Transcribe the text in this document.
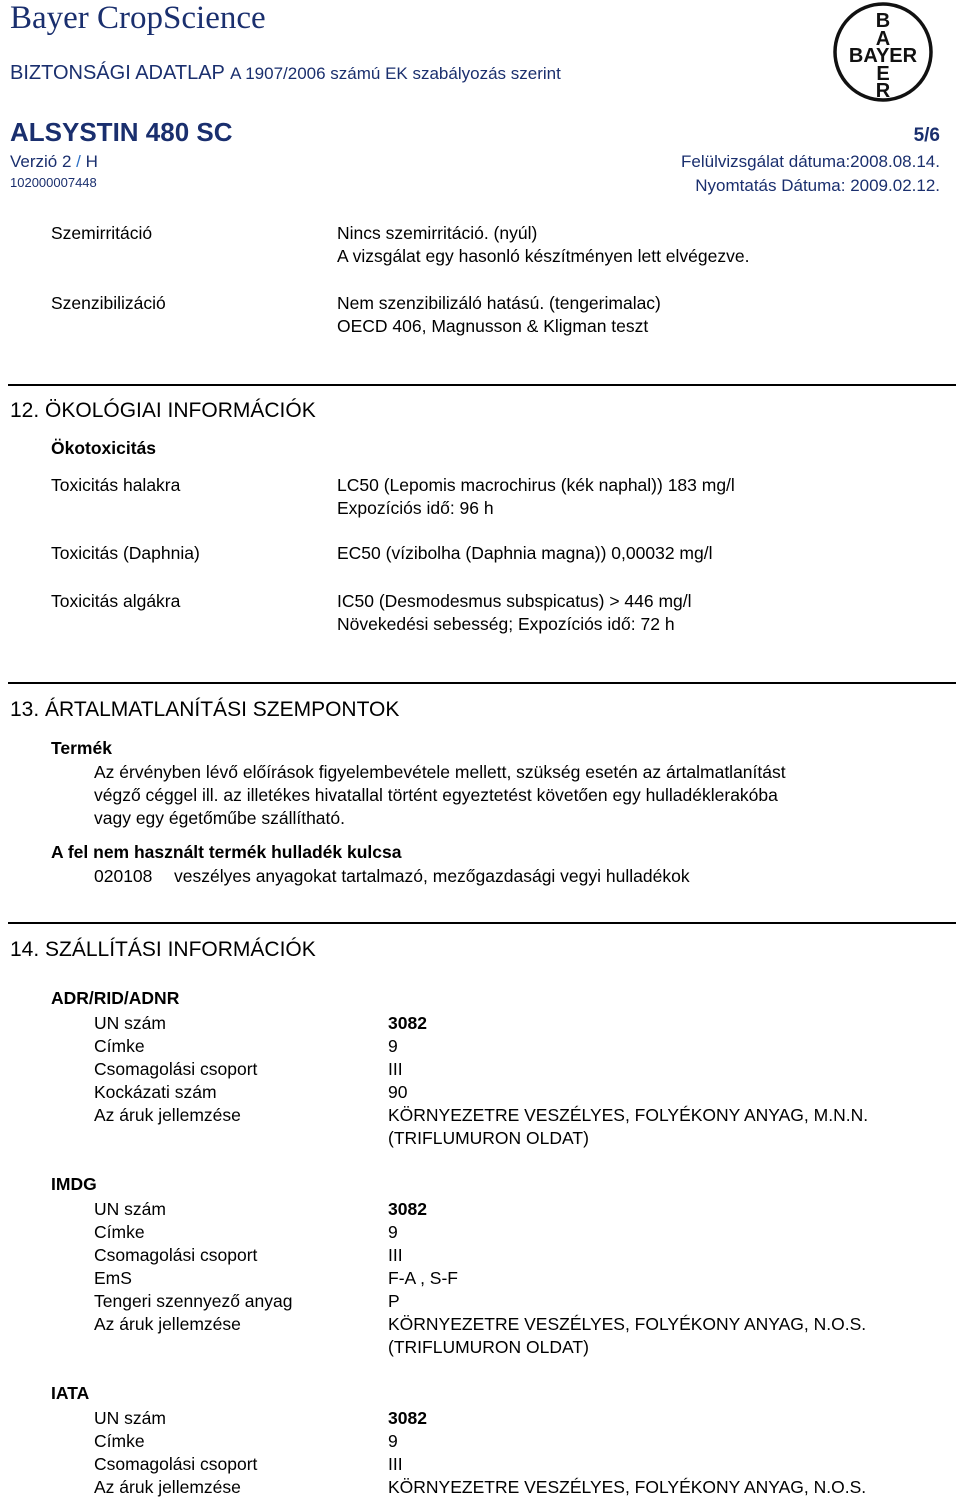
Bayer CropScience
BIZTONSÁGI ADATLAP A 1907/2006 számú EK szabályozás szerint
ALSYSTIN 480 SC	5/6
Verzió 2 / H
102000007448
Felülvizsgálat dátuma:2008.08.14.
Nyomtatás Dátuma: 2009.02.12.
B
A
BAYER
E
R
Szemirritáció	Nincs szemirritáció. (nyúl)
A vizsgálat egy hasonló készítményen lett elvégezve.
Szenzibilizáció	Nem szenzibilizáló hatású. (tengerimalac)
OECD 406, Magnusson & Kligman teszt
12. ÖKOLÓGIAI INFORMÁCIÓK
Ökotoxicitás
Toxicitás halakra	LC50 (Lepomis macrochirus (kék naphal)) 183 mg/l
Expozíciós idő: 96 h
Toxicitás (Daphnia)	EC50 (vízibolha (Daphnia magna)) 0,00032 mg/l
Toxicitás algákra	IC50 (Desmodesmus subspicatus) > 446 mg/l
Növekedési sebesség; Expozíciós idő: 72 h
13. ÁRTALMATLANÍTÁSI SZEMPONTOK
Termék
Az érvényben lévő előírások figyelembevétele mellett, szükség esetén az ártalmatlanítást
végző céggel ill. az illetékes hivatallal történt egyeztetést követően egy hulladéklerakóba
vagy egy égetőműbe szállítható.
A fel nem használt termék hulladék kulcsa
020108 veszélyes anyagokat tartalmazó, mezőgazdasági vegyi hulladékok
14. SZÁLLÍTÁSI INFORMÁCIÓK
ADR/RID/ADNR
UN szám	3082
Címke	9
Csomagolási csoport	III
Kockázati szám	90
Az áruk jellemzése	KÖRNYEZETRE VESZÉLYES, FOLYÉKONY ANYAG, M.N.N.
(TRIFLUMURON OLDAT)
IMDG
UN szám	3082
Címke	9
Csomagolási csoport	III
EmS	F-A , S-F
Tengeri szennyező anyag	P
Az áruk jellemzése	KÖRNYEZETRE VESZÉLYES, FOLYÉKONY ANYAG, N.O.S.
(TRIFLUMURON OLDAT)
IATA
UN szám	3082
Címke	9
Csomagolási csoport	III
Az áruk jellemzése	KÖRNYEZETRE VESZÉLYES, FOLYÉKONY ANYAG, N.O.S.
